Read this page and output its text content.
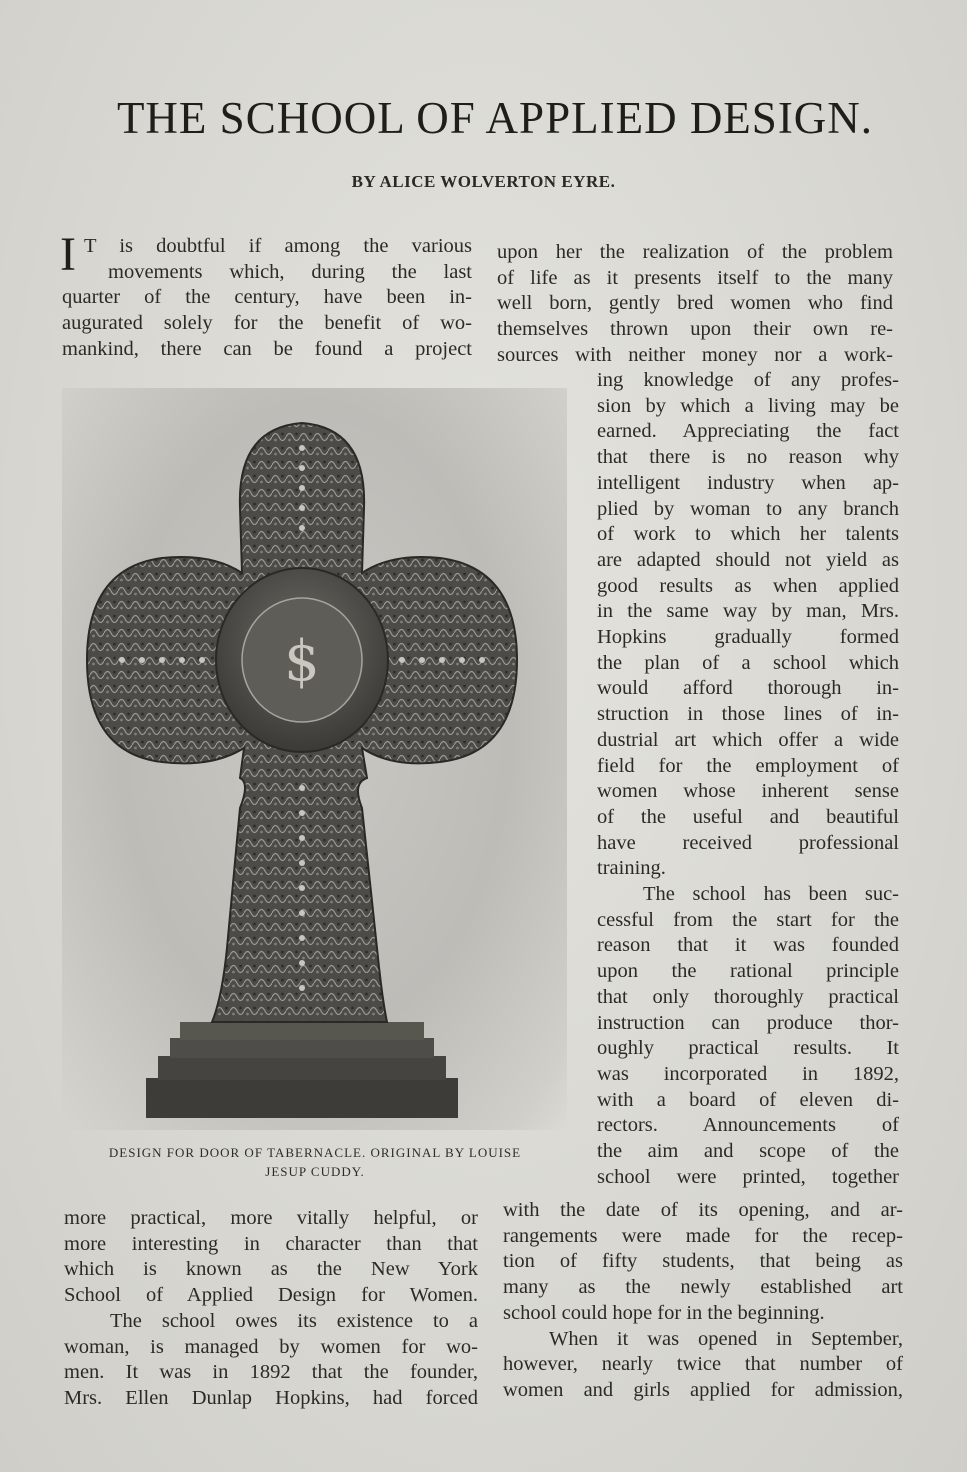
THE SCHOOL OF APPLIED DESIGN.
BY ALICE WOLVERTON EYRE.
I T is doubtful if among the various
movements which, during the last
quarter of the century, have been in-
augurated solely for the benefit of wo-
mankind, there can be found a project
upon her the realization of the problem
of life as it presents itself to the many
well born, gently bred women who find
themselves thrown upon their own re-
sources with neither money nor a work-
ing knowledge of any profes-
sion by which a living may be
earned. Appreciating the fact
that there is no reason why
intelligent industry when ap-
plied by woman to any branch
of work to which her talents
are adapted should not yield as
good results as when applied
in the same way by man, Mrs.
Hopkins gradually formed
the plan of a school which
would afford thorough in-
struction in those lines of in-
dustrial art which offer a wide
field for the employment of
women whose inherent sense
of the useful and beautiful
have received professional
training.
The school has been suc-
cessful from the start for the
reason that it was founded
upon the rational principle
that only thoroughly practical
instruction can produce thor-
oughly practical results. It
was incorporated in 1892,
with a board of eleven di-
rectors. Announcements of
the aim and scope of the
school were printed, together
$
DESIGN FOR DOOR OF TABERNACLE. ORIGINAL BY LOUISE
JESUP CUDDY.
more practical, more vitally helpful, or
more interesting in character than that
which is known as the New York
School of Applied Design for Women.
The school owes its existence to a
woman, is managed by women for wo-
men. It was in 1892 that the founder,
Mrs. Ellen Dunlap Hopkins, had forced
with the date of its opening, and ar-
rangements were made for the recep-
tion of fifty students, that being as
many as the newly established art
school could hope for in the beginning.
When it was opened in September,
however, nearly twice that number of
women and girls applied for admission,
